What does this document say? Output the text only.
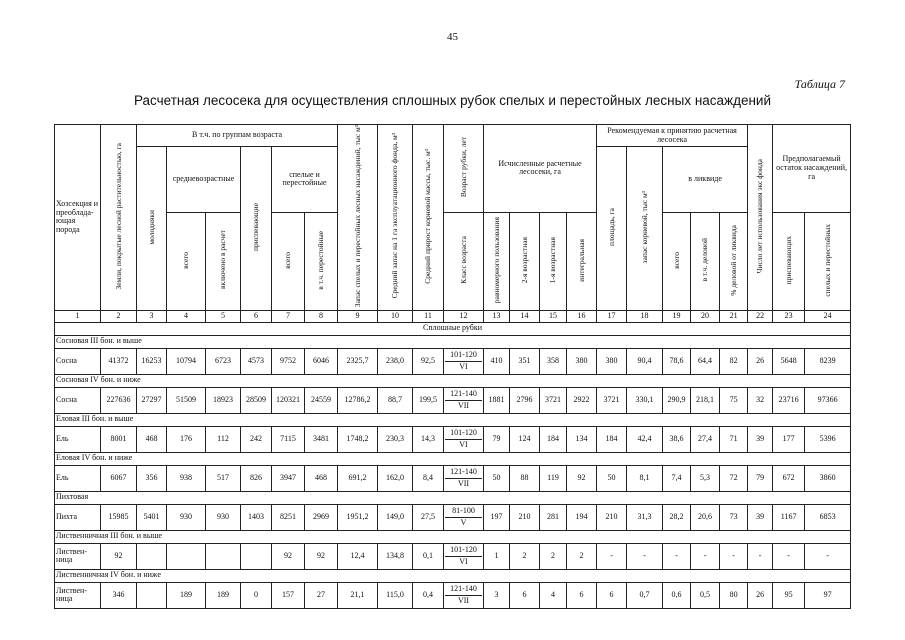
45
Таблица 7
Расчетная лесосека для осуществления сплошных рубок спелых и перестойных лесных насаждений
Хозсекция и преоблада-ющая порода	Земли, покрытые лесной растительностью, га	В т.ч. по группам возраста						Запас спелых и перестойных лесных насаждений, тыс м³	Средний запас на 1 га эксплуатационного фонда, м³	Средний прирост корневой массы, тыс. м³	Возраст рубки, лет	Исчисленные расчетные лесосеки, га				Рекомендуемая к принятию расчетная лесосека					Число лет использования экс фонда	Предполагаемый остаток насаждений, га	
		молодняки	средневозрастные		приспевающие	спелые и перестойные										площадь, га	запас корневой, тыс м³	в ликвиде					
			всего	включено в расчет		всего	в т.ч. перестойные				Класс возраста	равномерного пользования	2-я возрастная	1-я возрастная	интегральная			всего	в т.ч. деловой	% деловой от ликвида		приспевающих	спелых и перестойных
1	2	3	4	5	6	7	8	9	10	11	12	13	14	15	16	17	18	19	20	21	22	23	24
Сплошные рубки																							
Сосновая III бон. и выше																							
Сосна	41372	16253	10794	6723	4573	9752	6046	2325,7	238,0	92,5	101-120
VI	410	351	358	380	380	90,4	78,6	64,4	82	26	5648	8239
Сосновая IV бон. и ниже																							
Сосна	227636	27297	51509	18923	28509	120321	24559	12786,2	88,7	199,5	121-140
VII	1881	2796	3721	2922	3721	330,1	290,9	218,1	75	32	23716	97366
Еловая III бон. и выше																							
Ель	8001	468	176	112	242	7115	3481	1748,2	230,3	14,3	101-120
VI	79	124	184	134	184	42,4	38,6	27,4	71	39	177	5396
Еловая IV бон. и ниже																							
Ель	6067	356	938	517	826	3947	468	691,2	162,0	8,4	121-140
VII	50	88	119	92	50	8,1	7,4	5,3	72	79	672	3860
Пихтовая																							
Пихта	15985	5401	930	930	1403	8251	2969	1951,2	149,0	27,5	81-100
V	197	210	281	194	210	31,3	28,2	20,6	73	39	1167	6853
Лиственничная III бон. и выше																							
Листвен-ница	92					92	92	12,4	134,8	0,1	101-120
VI	1	2	2	2	-	-	-	-	-	-	-	-
Лиственничная IV бон. и ниже																							
Листвен-ница	346		189	189	0	157	27	21,1	115,0	0,4	121-140
VII	3	6	4	6	6	0,7	0,6	0,5	80	26	95	97
